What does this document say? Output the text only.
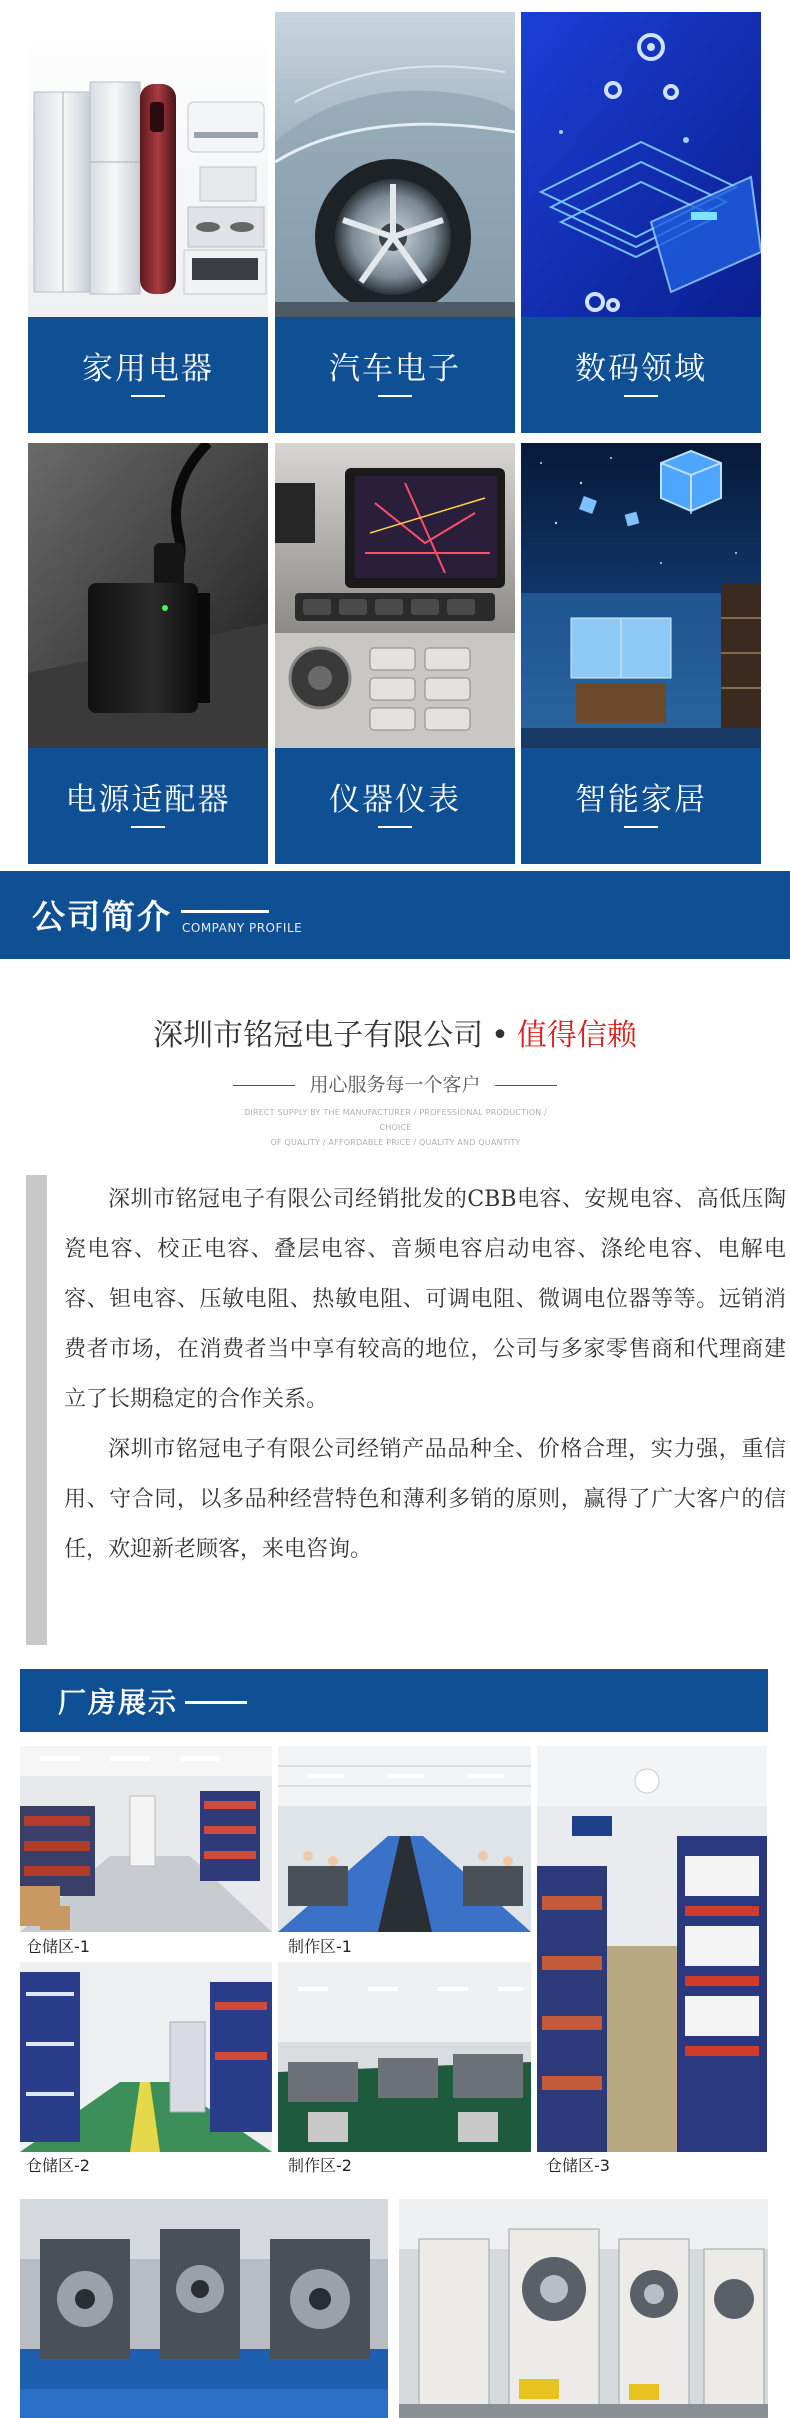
家用电器	汽车电子	数码领域
电源适配器	仪器仪表	智能家居
公司简介 COMPANY PROFILE
深圳市铭冠电子有限公司 • 值得信赖
用心服务每一个客户
DIRECT SUPPLY BY THE MANUFACTURER / PROFESSIONAL PRODUCTION / CHOICE
OF QUALITY / AFFORDABLE PRICE / QUALITY AND QUANTITY

深圳市铭冠电子有限公司经销批发的CBB电容、安规电容、高低压陶瓷电容、校正电容、叠层电容、音频电容启动电容、涤纶电容、电解电容、钽电容、压敏电阻、热敏电阻、可调电阻、微调电位器等等。远销消费者市场，在消费者当中享有较高的地位，公司与多家零售商和代理商建立了长期稳定的合作关系。

深圳市铭冠电子有限公司经销产品品种全、价格合理，实力强，重信用、守合同，以多品种经营特色和薄利多销的原则，赢得了广大客户的信任，欢迎新老顾客，来电咨询。

厂房展示
仓储区-1	制作区-1
仓储区-2	制作区-2	仓储区-3
